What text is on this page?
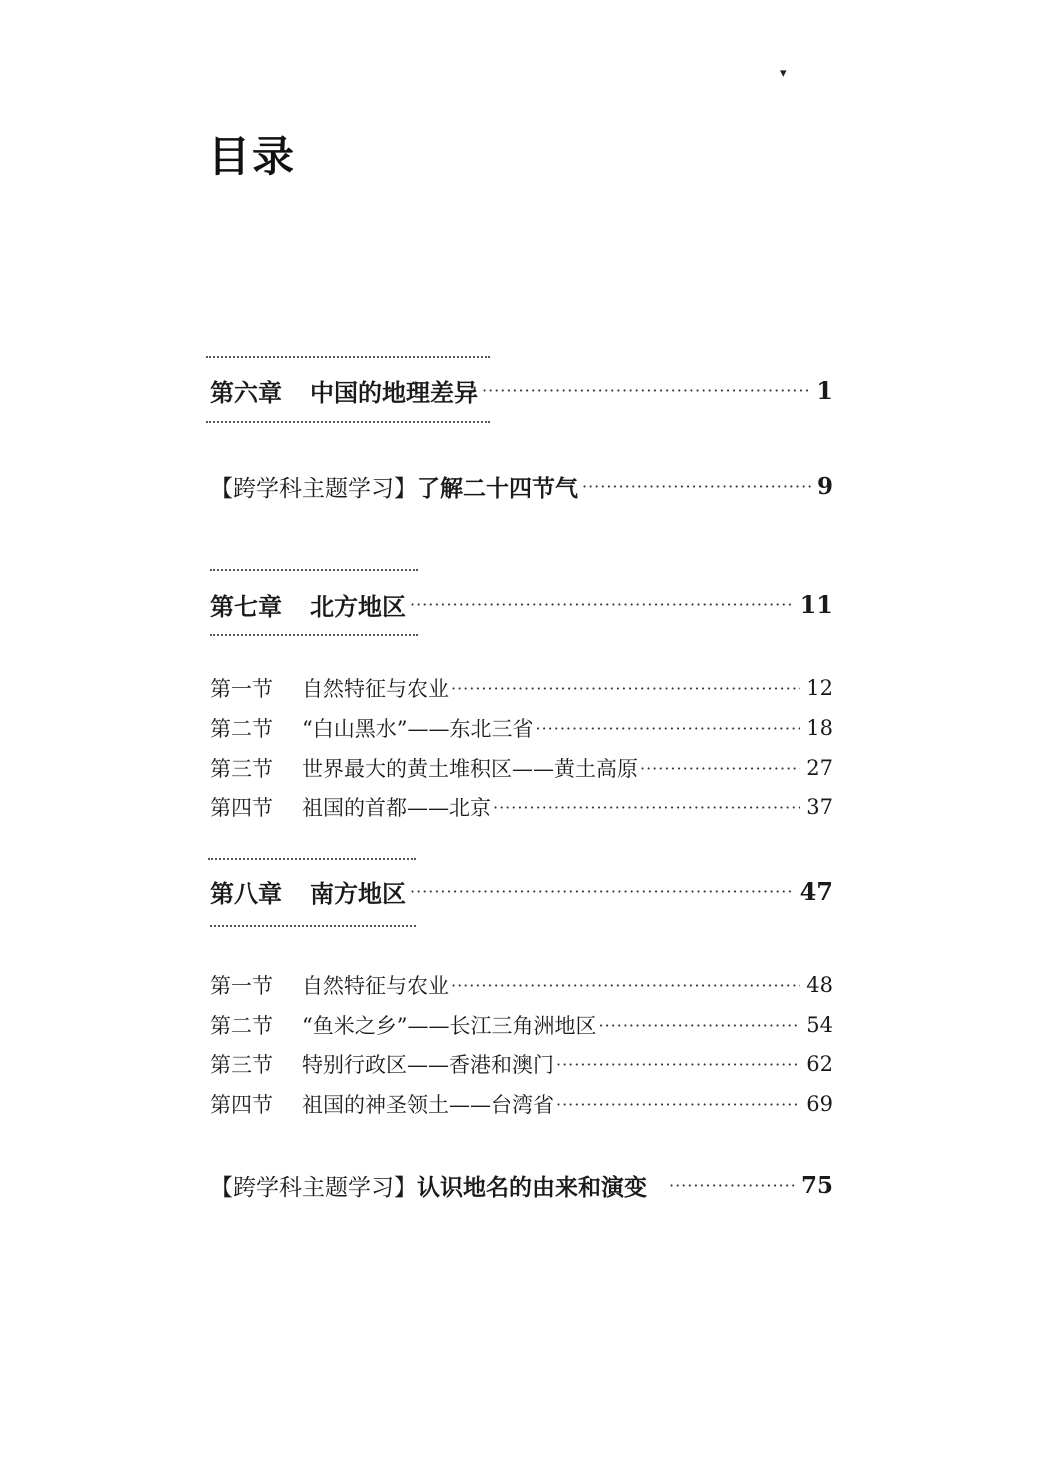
▾
目录
第六章 中国的地理差异 ·····	1
【跨学科主题学习】了解二十四节气 ·····	9
第七章 北方地区 ·····	11
第一节 自然特征与农业 ·····	12
第二节 “白山黑水”——东北三省 ·····	18
第三节 世界最大的黄土堆积区——黄土高原 ·····	27
第四节 祖国的首都——北京 ·····	37
第八章 南方地区 ·····	47
第一节 自然特征与农业 ·····	48
第二节 “鱼米之乡”——长江三角洲地区 ·····	54
第三节 特别行政区——香港和澳门 ·····	62
第四节 祖国的神圣领土——台湾省 ·····	69
【跨学科主题学习】认识地名的由来和演变 ·····	75
